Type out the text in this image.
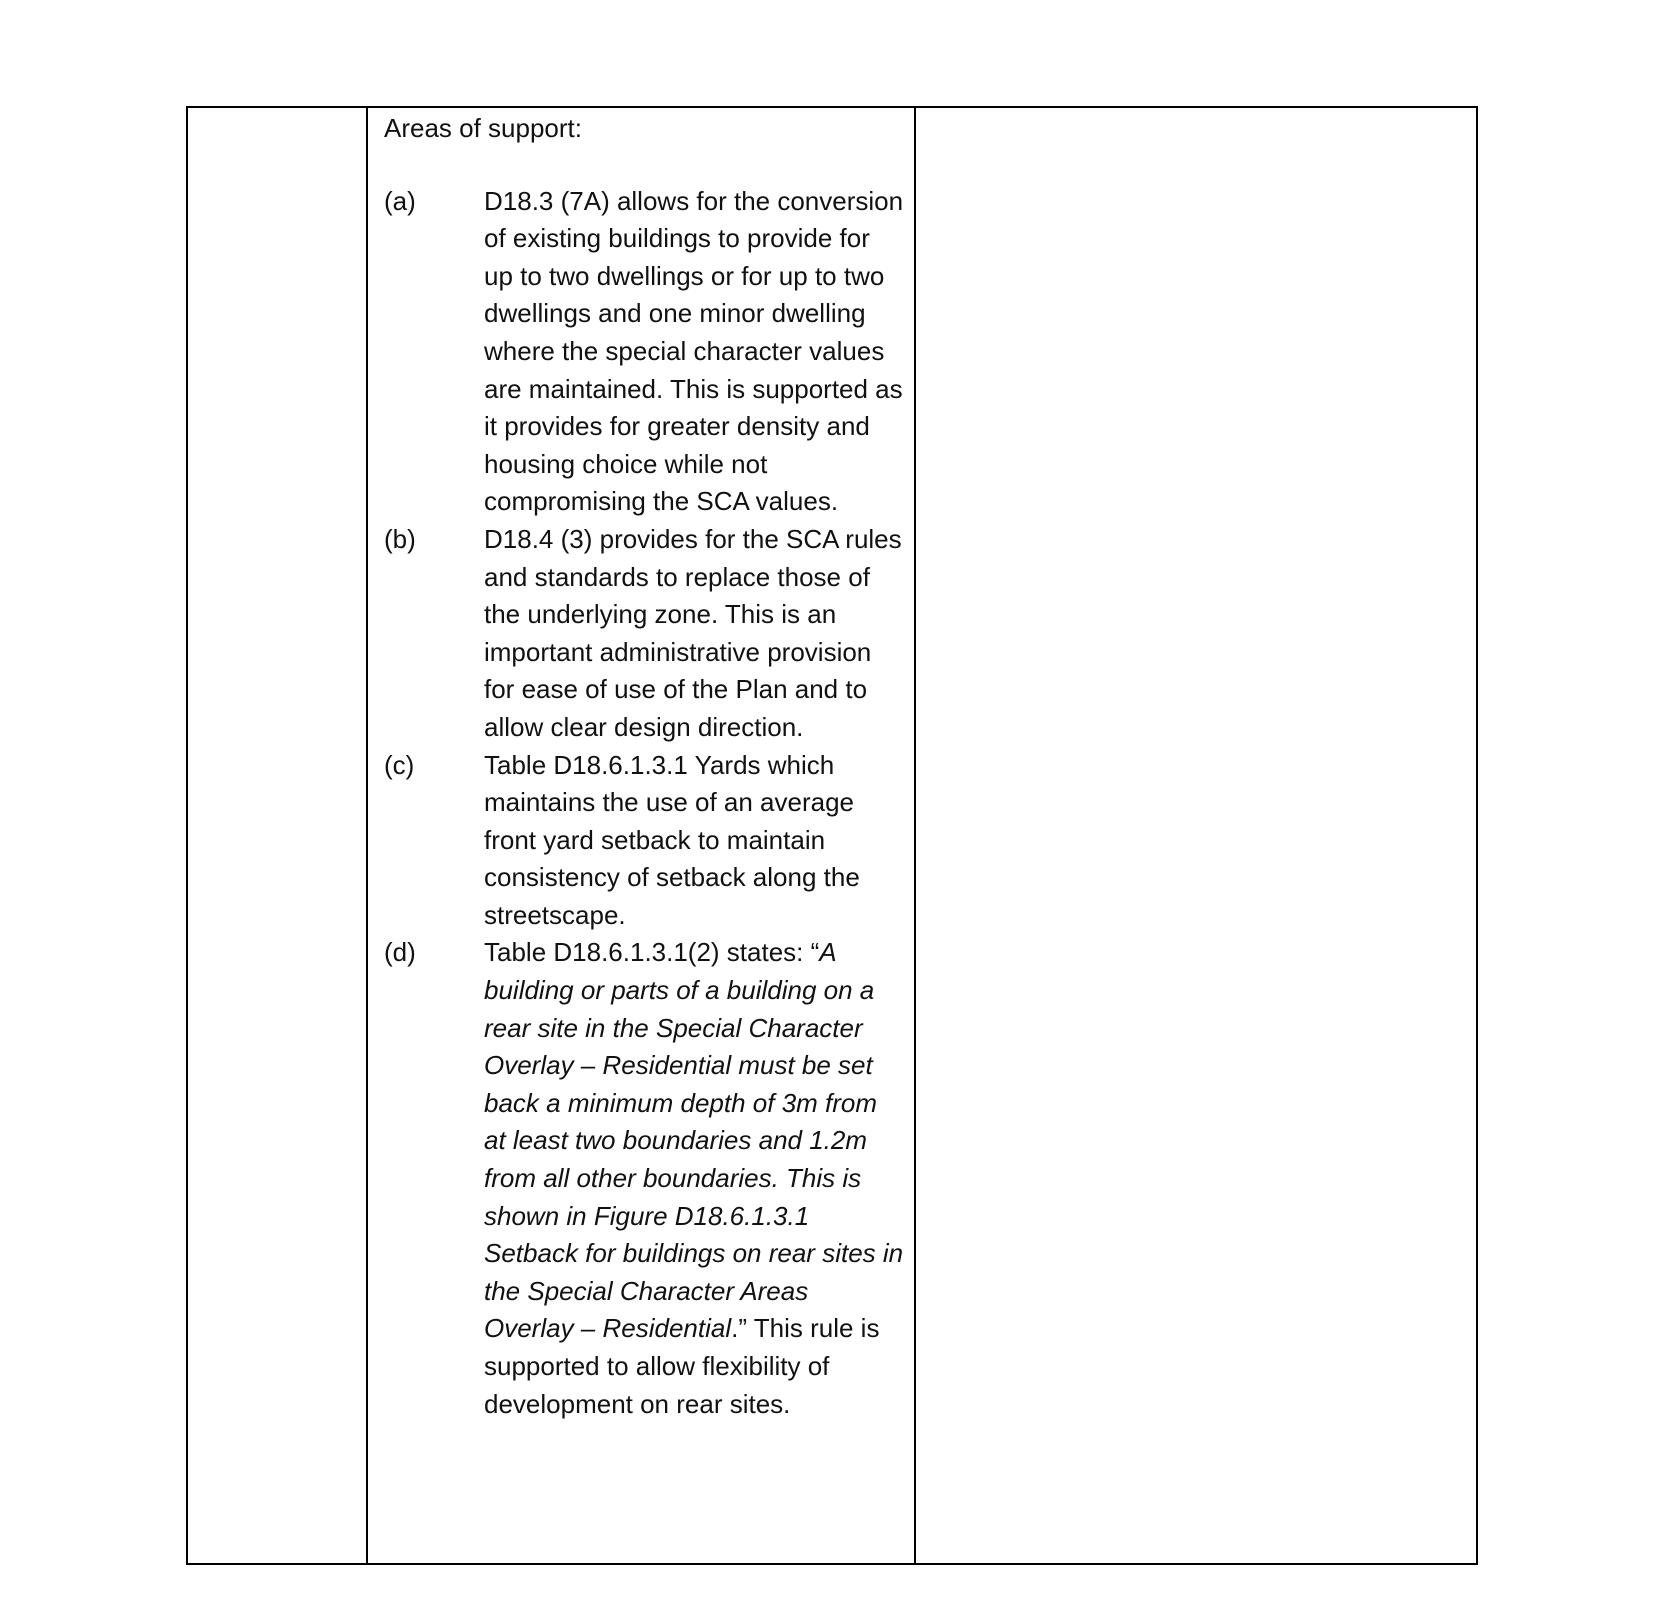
Areas of support:

(a)	D18.3 (7A) allows for the conversion of existing buildings to provide for up to two dwellings or for up to two dwellings and one minor dwelling where the special character values are maintained. This is supported as it provides for greater density and housing choice while not compromising the SCA values.
(b)	D18.4 (3) provides for the SCA rules and standards to replace those of the underlying zone. This is an important administrative provision for ease of use of the Plan and to allow clear design direction.
(c)	Table D18.6.1.3.1 Yards which maintains the use of an average front yard setback to maintain consistency of setback along the streetscape.
(d)	Table D18.6.1.3.1(2) states: “A building or parts of a building on a rear site in the Special Character Overlay – Residential must be set back a minimum depth of 3m from at least two boundaries and 1.2m from all other boundaries. This is shown in Figure D18.6.1.3.1 Setback for buildings on rear sites in the Special Character Areas Overlay – Residential.” This rule is supported to allow flexibility of development on rear sites.
